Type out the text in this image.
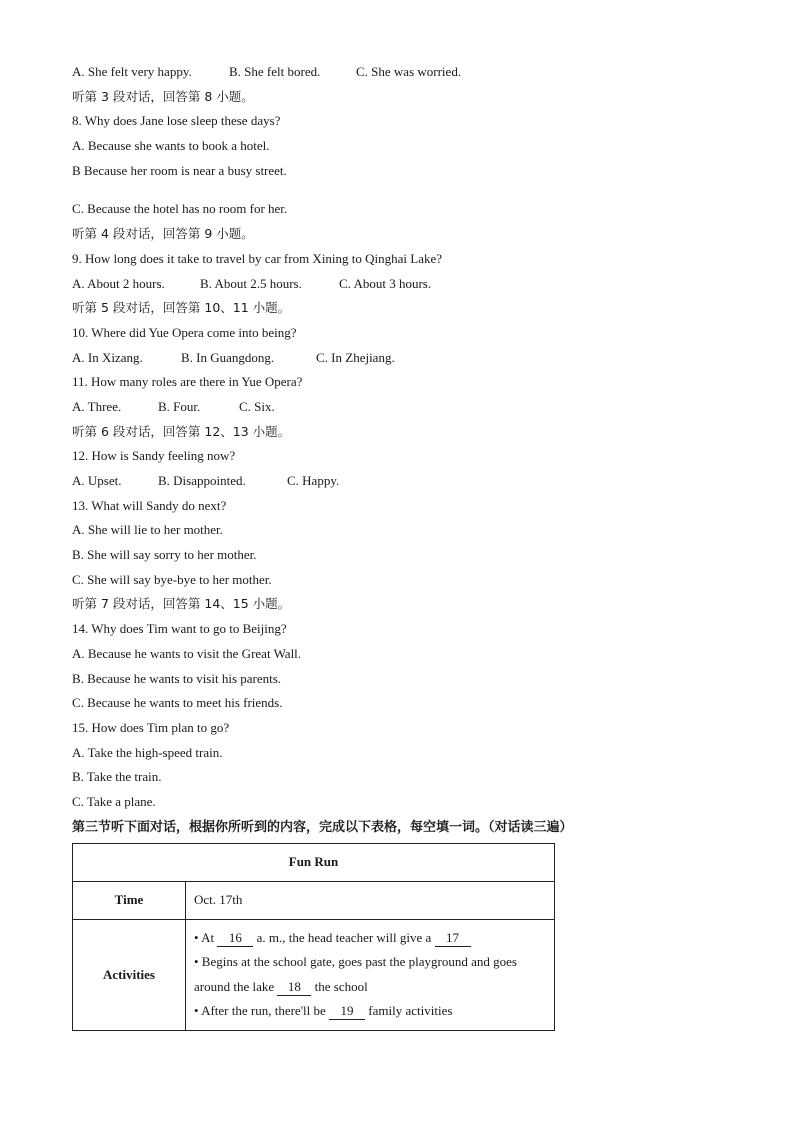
A. She felt very happy.	B. She felt bored.	C. She was worried.
听第 3 段对话，回答第 8 小题。
8. Why does Jane lose sleep these days?
A. Because she wants to book a hotel.
B Because her room is near a busy street.
C. Because the hotel has no room for her.
听第 4 段对话，回答第 9 小题。
9. How long does it take to travel by car from Xining to Qinghai Lake?
A. About 2 hours.	B. About 2.5 hours.	C. About 3 hours.
听第 5 段对话，回答第 10、11 小题。
10. Where did Yue Opera come into being?
A. In Xizang.	B. In Guangdong.	C. In Zhejiang.
11. How many roles are there in Yue Opera?
A. Three.	B. Four.	C. Six.
听第 6 段对话，回答第 12、13 小题。
12. How is Sandy feeling now?
A. Upset.	B. Disappointed.	C. Happy.
13. What will Sandy do next?
A. She will lie to her mother.
B. She will say sorry to her mother.
C. She will say bye-bye to her mother.
听第 7 段对话，回答第 14、15 小题。
14. Why does Tim want to go to Beijing?
A. Because he wants to visit the Great Wall.
B. Because he wants to visit his parents.
C. Because he wants to meet his friends.
15. How does Tim plan to go?
A. Take the high-speed train.
B. Take the train.
C. Take a plane.
第三节听下面对话，根据你所听到的内容，完成以下表格，每空填一词。（对话读三遍）
Fun Run	
Time	Oct. 17th
Activities	• At 16 a. m., the head teacher will give a 17
• Begins at the school gate, goes past the playground and goes around the lake 18 the school
• After the run, there'll be 19 family activities
